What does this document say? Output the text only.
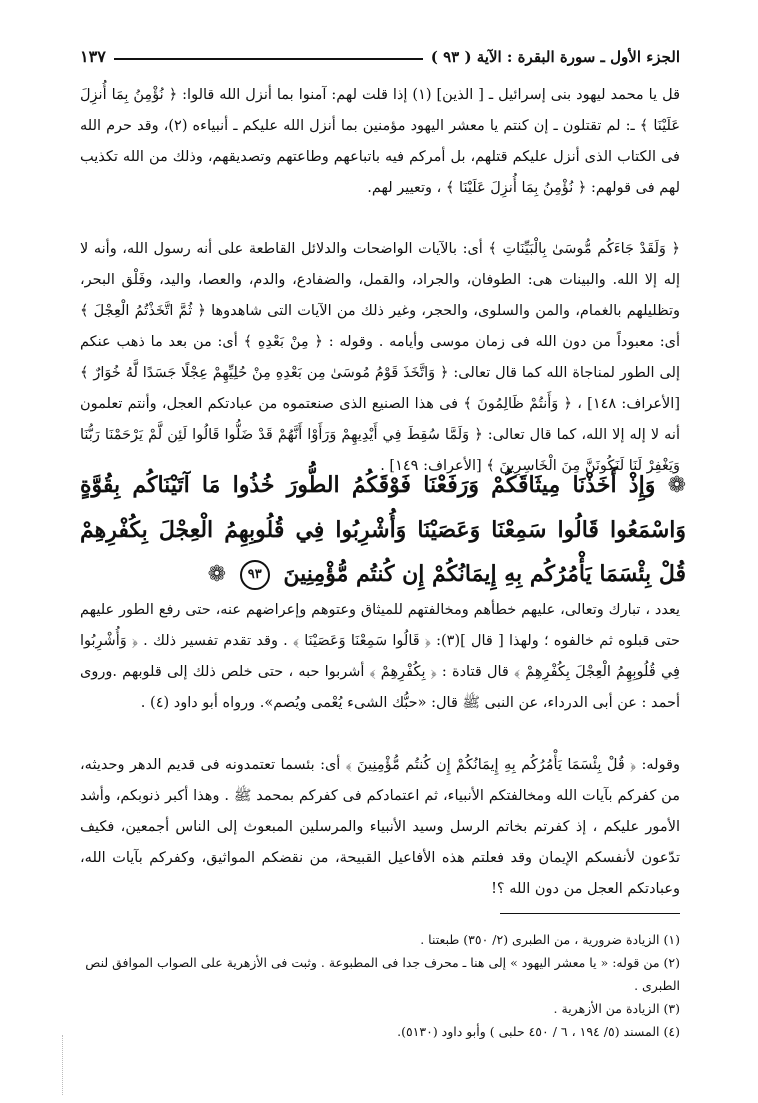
الجزء الأول ـ سورة البقرة : الآية ( ٩٣ )
١٣٧

قل يا محمد ليهود بنى إسرائيل ـ [ الذين] (١) إذا قلت لهم: آمنوا بما أنزل الله قالوا: ﴿ نُؤْمِنُ بِمَا أُنزِلَ عَلَيْنَا ﴾ ـ: لم تقتلون ـ إن كنتم يا معشر اليهود مؤمنين بما أنزل الله عليكم ـ أنبياءه (٢)، وقد حرم الله فى الكتاب الذى أنزل عليكم قتلهم، بل أمركم فيه باتباعهم وطاعتهم وتصديقهم، وذلك من الله تكذيب لهم فى قولهم: ﴿ نُؤْمِنُ بِمَا أُنزِلَ عَلَيْنَا ﴾ ، وتعيير لهم.

﴿ وَلَقَدْ جَاءَكُم مُّوسَىٰ بِالْبَيِّنَاتِ ﴾ أى: بالآيات الواضحات والدلائل القاطعة على أنه رسول الله، وأنه لا إله إلا الله. والبينات هى: الطوفان، والجراد، والقمل، والضفادع، والدم، والعصا، واليد، وفَلْق البحر، وتظليلهم بالغمام، والمن والسلوى، والحجر، وغير ذلك من الآيات التى شاهدوها ﴿ ثُمَّ اتَّخَذْتُمُ الْعِجْلَ ﴾ أى: معبوداً من دون الله فى زمان موسى وأيامه . وقوله : ﴿ مِنْ بَعْدِهِ ﴾ أى: من بعد ما ذهب عنكم إلى الطور لمناجاة الله كما قال تعالى: ﴿ وَاتَّخَذَ قَوْمُ مُوسَىٰ مِن بَعْدِهِ مِنْ حُلِيِّهِمْ عِجْلًا جَسَدًا لَّهُ خُوَارٌ ﴾ [الأعراف: ١٤٨] ، ﴿ وَأَنتُمْ ظَالِمُونَ ﴾ فى هذا الصنيع الذى صنعتموه من عبادتكم العجل، وأنتم تعلمون أنه لا إله إلا الله، كما قال تعالى: ﴿ وَلَمَّا سُقِطَ فِي أَيْدِيهِمْ وَرَأَوْا أَنَّهُمْ قَدْ ضَلُّوا قَالُوا لَئِن لَّمْ يَرْحَمْنَا رَبُّنَا وَيَغْفِرْ لَنَا لَنَكُونَنَّ مِنَ الْخَاسِرِينَ ﴾ [الأعراف: ١٤٩] .

❁ وَإِذْ أَخَذْنَا مِيثَاقَكُمْ وَرَفَعْنَا فَوْقَكُمُ الطُّورَ خُذُوا مَا آتَيْنَاكُم بِقُوَّةٍ وَاسْمَعُوا قَالُوا سَمِعْنَا وَعَصَيْنَا وَأُشْرِبُوا فِي قُلُوبِهِمُ الْعِجْلَ بِكُفْرِهِمْ قُلْ بِئْسَمَا يَأْمُرُكُم بِهِ إِيمَانُكُمْ إِن كُنتُم مُّؤْمِنِينَ ٩٣ ❁

يعدد ، تبارك وتعالى، عليهم خطأهم ومخالفتهم للميثاق وعتوهم وإعراضهم عنه، حتى رفع الطور عليهم حتى قبلوه ثم خالفوه ؛ ولهذا [ قال ](٣): ﴿ قَالُوا سَمِعْنَا وَعَصَيْنَا ﴾ . وقد تقدم تفسير ذلك . ﴿ وَأُشْرِبُوا فِي قُلُوبِهِمُ الْعِجْلَ بِكُفْرِهِمْ ﴾ قال قتادة : ﴿ بِكُفْرِهِمْ ﴾ أشربوا حبه ، حتى خلص ذلك إلى قلوبهم .وروى أحمد : عن أبى الدرداء، عن النبى ﷺ قال: «حبُّك الشىء يُعْمى ويُصم». ورواه أبو داود (٤) .

وقوله: ﴿ قُلْ بِئْسَمَا يَأْمُرُكُم بِهِ إِيمَانُكُمْ إِن كُنتُم مُّؤْمِنِينَ ﴾ أى: بئسما تعتمدونه فى قديم الدهر وحديثه، من كفركم بآيات الله ومخالفتكم الأنبياء، ثم اعتمادكم فى كفركم بمحمد ﷺ . وهذا أكبر ذنوبكم، وأشد الأمور عليكم ، إذ كفرتم بخاتم الرسل وسيد الأنبياء والمرسلين المبعوث إلى الناس أجمعين، فكيف تدّعون لأنفسكم الإيمان وقد فعلتم هذه الأفاعيل القبيحة، من نقضكم المواثيق، وكفركم بآيات الله، وعبادتكم العجل من دون الله ؟!

(١) الزيادة ضرورية ، من الطبرى (٢/ ٣٥٠) طبعتنا .
(٢) من قوله: « يا معشر اليهود » إلى هنا ـ محرف جدا فى المطبوعة . وثبت فى الأزهرية على الصواب الموافق لنص الطبرى .
(٣) الزيادة من الأزهرية .
(٤) المسند (٥/ ١٩٤ ، ٦ / ٤٥٠ حلبى ) وأبو داود (٥١٣٠).
